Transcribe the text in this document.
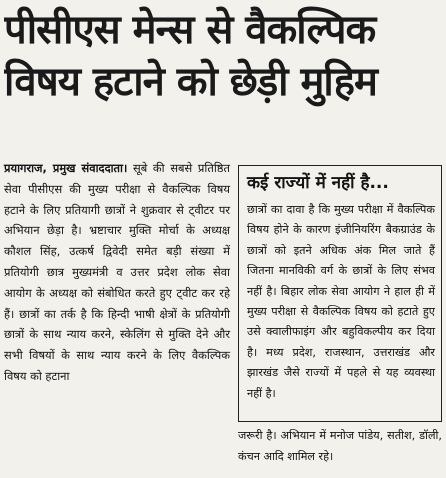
पीसीएस मेन्स से वैकल्पिक
विषय हटाने को छेड़ी मुहिम
प्रयागराज, प्रमुख संवाददाता। सूबे की सबसे प्रतिष्ठित सेवा पीसीएस की मुख्य परीक्षा से वैकल्पिक विषय हटाने के लिए प्रतियागी छात्रों ने शुक्रवार से ट्वीटर पर अभियान छेड़ा है। भ्रष्टाचार मुक्ति मोर्चा के अध्यक्ष कौशल सिंह, उत्कर्ष द्विवेदी समेत बड़ी संख्या में प्रतियोगी छात्र मुख्यमंत्री व उत्तर प्रदेश लोक सेवा आयोग के अध्यक्ष को संबोधित करते हुए ट्वीट कर रहे हैं। छात्रों का तर्क है कि हिन्दी भाषी क्षेत्रों के प्रतियोगी छात्रों के साथ न्याय करने, स्केलिंग से मुक्ति देने और सभी विषयों के साथ न्याय करने के लिए वैकल्पिक विषय को हटाना
कई राज्यों में नहीं है...
छात्रों का दावा है कि मुख्य परीक्षा में वैकल्पिक विषय होने के कारण इंजीनियरिंग बैकग्राउंड के छात्रों को इतने अधिक अंक मिल जाते हैं जितना मानविकी वर्ग के छात्रों के लिए संभव नहीं है। बिहार लोक सेवा आयोग ने हाल ही में मुख्य परीक्षा से वैकल्पिक विषय को हटाते हुए उसे क्वालीफाइंग और बहुविकल्पीय कर दिया है। मध्य प्रदेश, राजस्थान, उत्तराखंड और झारखंड जैसे राज्यों में पहले से यह व्यवस्था नहीं है।
जरूरी है। अभियान में मनोज पांडेय, सतीश, डॉली, कंचन आदि शामिल रहे।
